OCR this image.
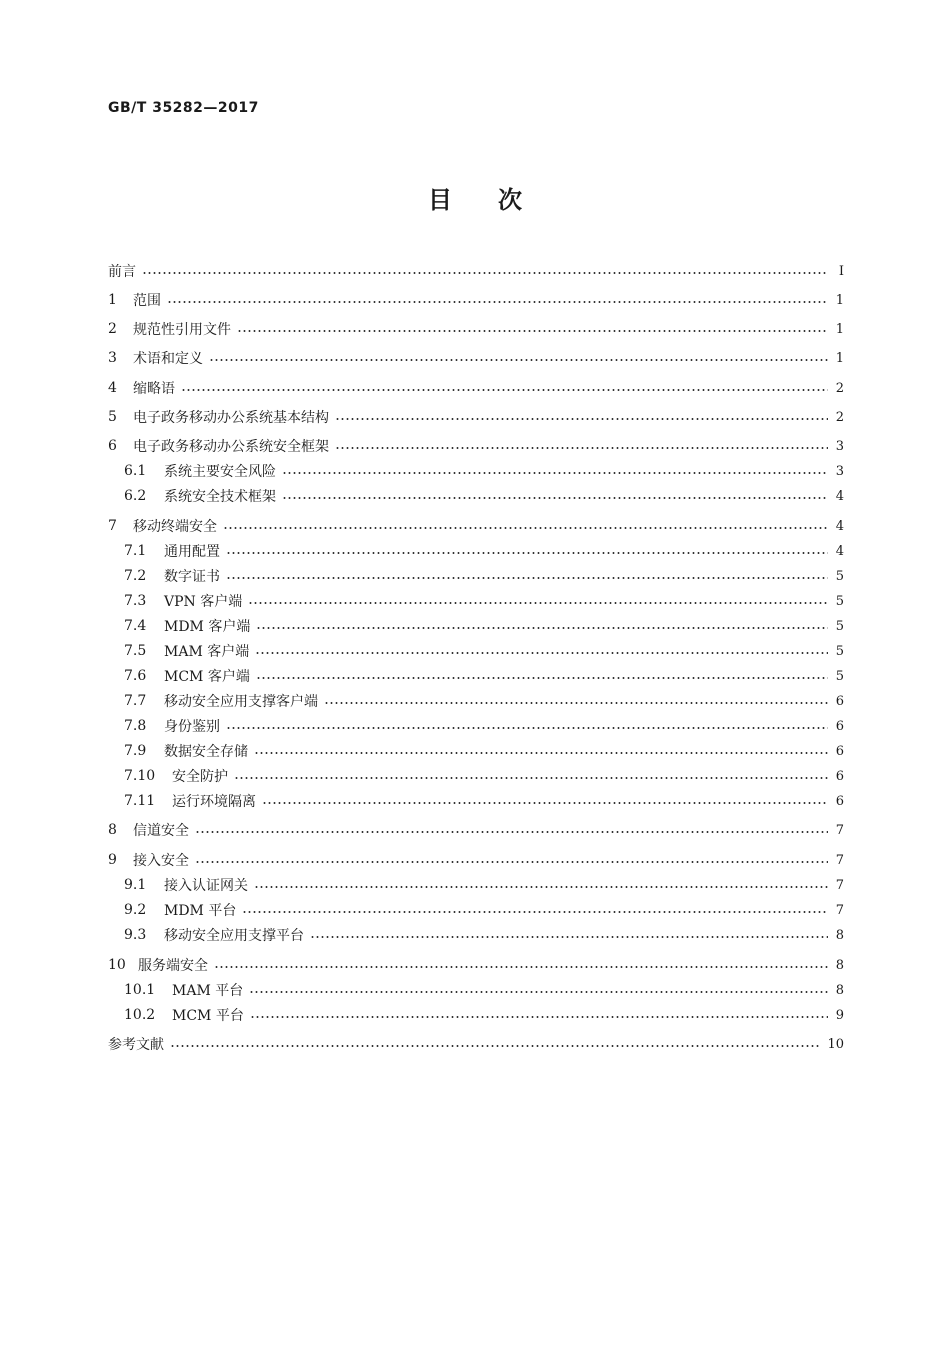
GB/T 35282—2017
目 次
前言	Ⅰ
1	范围	1
2	规范性引用文件	1
3	术语和定义	1
4	缩略语	2
5	电子政务移动办公系统基本结构	2
6	电子政务移动办公系统安全框架	3
6.1	系统主要安全风险	3
6.2	系统安全技术框架	4
7	移动终端安全	4
7.1	通用配置	4
7.2	数字证书	5
7.3	VPN 客户端	5
7.4	MDM 客户端	5
7.5	MAM 客户端	5
7.6	MCM 客户端	5
7.7	移动安全应用支撑客户端	6
7.8	身份鉴别	6
7.9	数据安全存储	6
7.10	安全防护	6
7.11	运行环境隔离	6
8	信道安全	7
9	接入安全	7
9.1	接入认证网关	7
9.2	MDM 平台	7
9.3	移动安全应用支撑平台	8
10 服务端安全	8
10.1	MAM 平台	8
10.2	MCM 平台	9
参考文献	10
